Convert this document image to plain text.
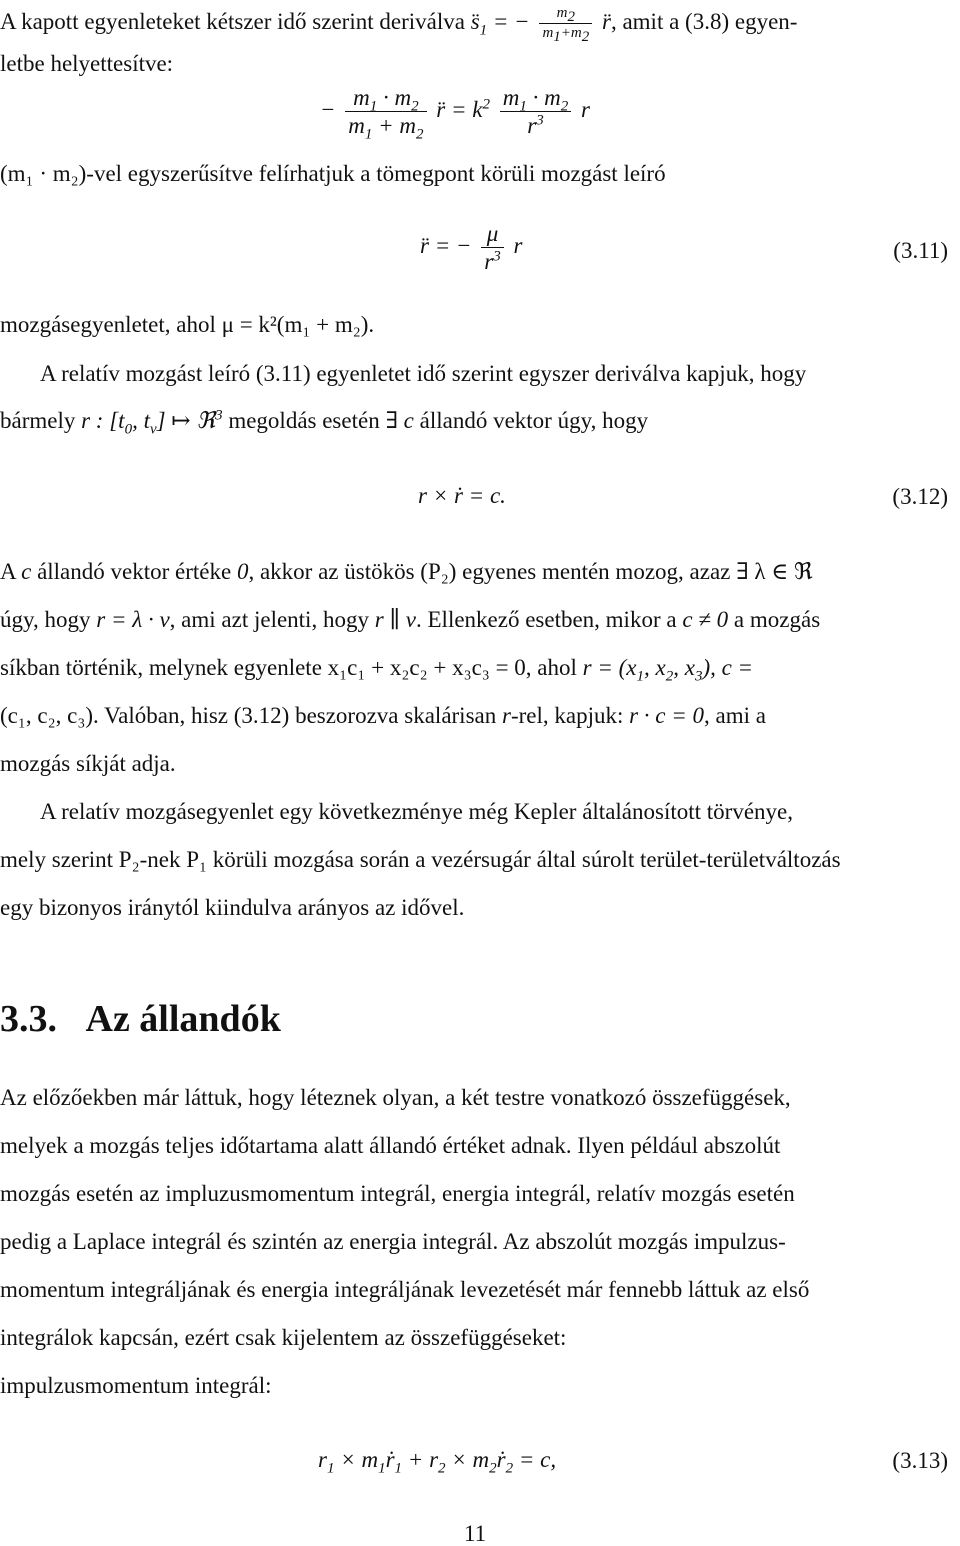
A kapott egyenleteket kétszer idő szerint deriválva $s̈_1$ = − $\frac{m_2}{m_1+m_2}$ r̈, amit a (3.8) egyen-
letbe helyettesítve:
− $\frac{m_1 \cdot m_2}{m_1 + m_2}$ r̈ = $k^2 \frac{m_1 \cdot m_2}{r^3}$ r
(m₁ · m₂)-vel egyszerűsítve felírhatjuk a tömegpont körüli mozgást leíró
r̈ = − $\frac{\mu}{r^3}$ r	(3.11)
mozgásegyenletet, ahol μ = k²(m₁ + m₂).
A relatív mozgást leíró (3.11) egyenletet idő szerint egyszer deriválva kapjuk, hogy
bármely r : [$t_0$, $t_v$] ↦ ℜ$^3$ megoldás esetén ∃ c állandó vektor úgy, hogy
r × ṙ = c.	(3.12)
A c állandó vektor értéke 0, akkor az üstökös (P₂) egyenes mentén mozog, azaz ∃ λ ∈ ℜ
úgy, hogy r = λ · v, ami azt jelenti, hogy r ∥ v. Ellenkező esetben, mikor a c ≠ 0 a mozgás
síkban történik, melynek egyenlete x₁c₁ + x₂c₂ + x₃c₃ = 0, ahol $r = (x_1$, $x_2$, $x_3$), c =
(c₁, c₂, c₃). Valóban, hisz (3.12) beszorozva skalárisan r-rel, kapjuk: r · c = 0, ami a
mozgás síkját adja.
A relatív mozgásegyenlet egy következménye még Kepler általánosított törvénye,
mely szerint P₂-nek P₁ körüli mozgása során a vezérsugár által súrolt terület-területváltozás
egy bizonyos iránytól kiindulva arányos az idővel.
3.3. Az állandók
Az előzőekben már láttuk, hogy léteznek olyan, a két testre vonatkozó összefüggések,
melyek a mozgás teljes időtartama alatt állandó értéket adnak. Ilyen például abszolút
mozgás esetén az impluzusmomentum integrál, energia integrál, relatív mozgás esetén
pedig a Laplace integrál és szintén az energia integrál. Az abszolút mozgás impulzus-
momentum integráljának és energia integráljának levezetését már fennebb láttuk az első
integrálok kapcsán, ezért csak kijelentem az összefüggéseket:
impulzusmomentum integrál:
$r_1$ × $m_1ṙ_1 + r_2$ × $m_2ṙ_2 = c$,	(3.13)
11
